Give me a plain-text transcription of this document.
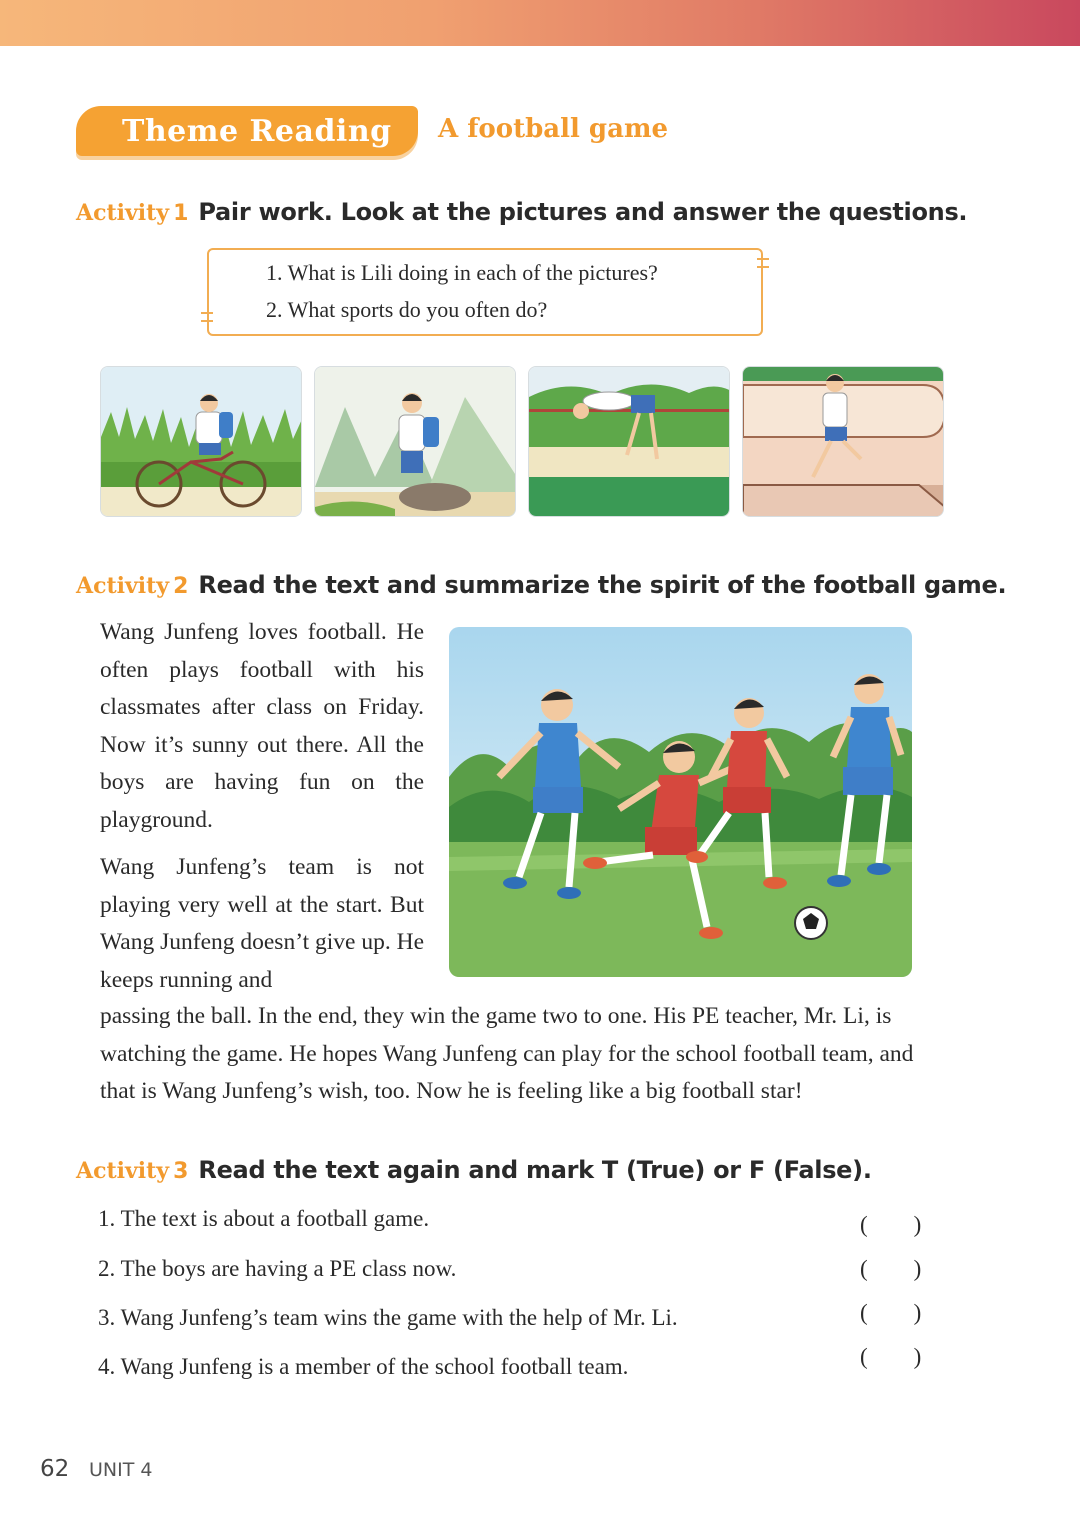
Theme Reading A football game
Activity 1 Pair work. Look at the pictures and answer the questions.
1. What is Lili doing in each of the pictures?
2. What sports do you often do?
Activity 2 Read the text and summarize the spirit of the football game.
Wang Junfeng loves football. He often plays football with his classmates after class on Friday. Now it’s sunny out there. All the boys are having fun on the playground.
Wang Junfeng’s team is not playing very well at the start. But Wang Junfeng doesn’t give up. He keeps running and
passing the ball. In the end, they win the game two to one. His PE teacher, Mr. Li, is watching the game. He hopes Wang Junfeng can play for the school football team, and that is Wang Junfeng’s wish, too. Now he is feeling like a big football star!
Activity 3 Read the text again and mark T (True) or F (False).
1. The text is about a football game.	(        )
2. The boys are having a PE class now.	(        )
3. Wang Junfeng’s team wins the game with the help of Mr. Li.	(        )
4. Wang Junfeng is a member of the school football team.	(        )
62 UNIT 4
